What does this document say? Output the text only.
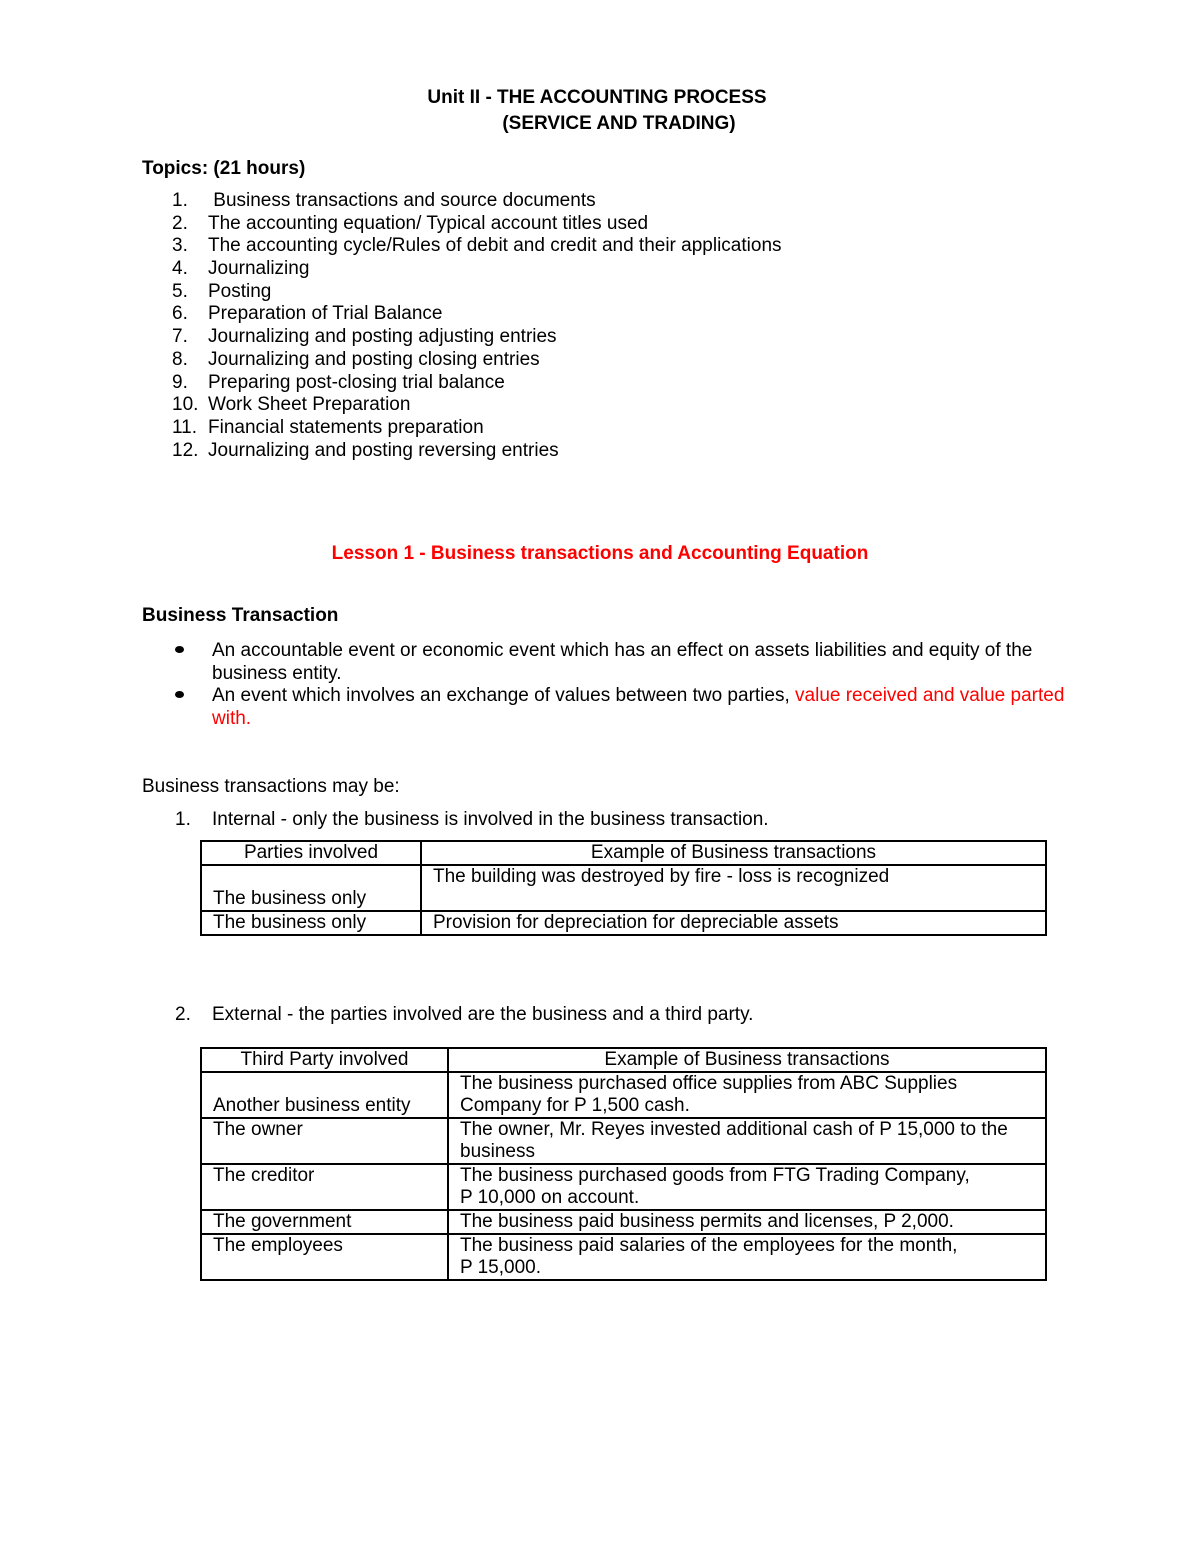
Unit II - THE ACCOUNTING PROCESS
(SERVICE AND TRADING)
Topics: (21 hours)
1. Business transactions and source documents
2. The accounting equation/ Typical account titles used
3. The accounting cycle/Rules of debit and credit and their applications
4. Journalizing
5. Posting
6. Preparation of Trial Balance
7. Journalizing and posting adjusting entries
8. Journalizing and posting closing entries
9. Preparing post-closing trial balance
10. Work Sheet Preparation
11. Financial statements preparation
12. Journalizing and posting reversing entries
Lesson 1 - Business transactions and Accounting Equation
Business Transaction
An accountable event or economic event which has an effect on assets liabilities and equity of the business entity.
An event which involves an exchange of values between two parties, value received and value parted with.
Business transactions may be:
1. Internal - only the business is involved in the business transaction.
Parties involved	Example of Business transactions
The business only	The building was destroyed by fire - loss is recognized
The business only	Provision for depreciation for depreciable assets
2. External - the parties involved are the business and a third party.
Third Party involved	Example of Business transactions
Another business entity	The business purchased office supplies from ABC Supplies Company for P 1,500 cash.
The owner	The owner, Mr. Reyes invested additional cash of P 15,000 to the business
The creditor	The business purchased goods from FTG Trading Company,
P 10,000 on account.

The government	The business paid business permits and licenses, P 2,000.
The employees	The business paid salaries of the employees for the month,
P 15,000.
